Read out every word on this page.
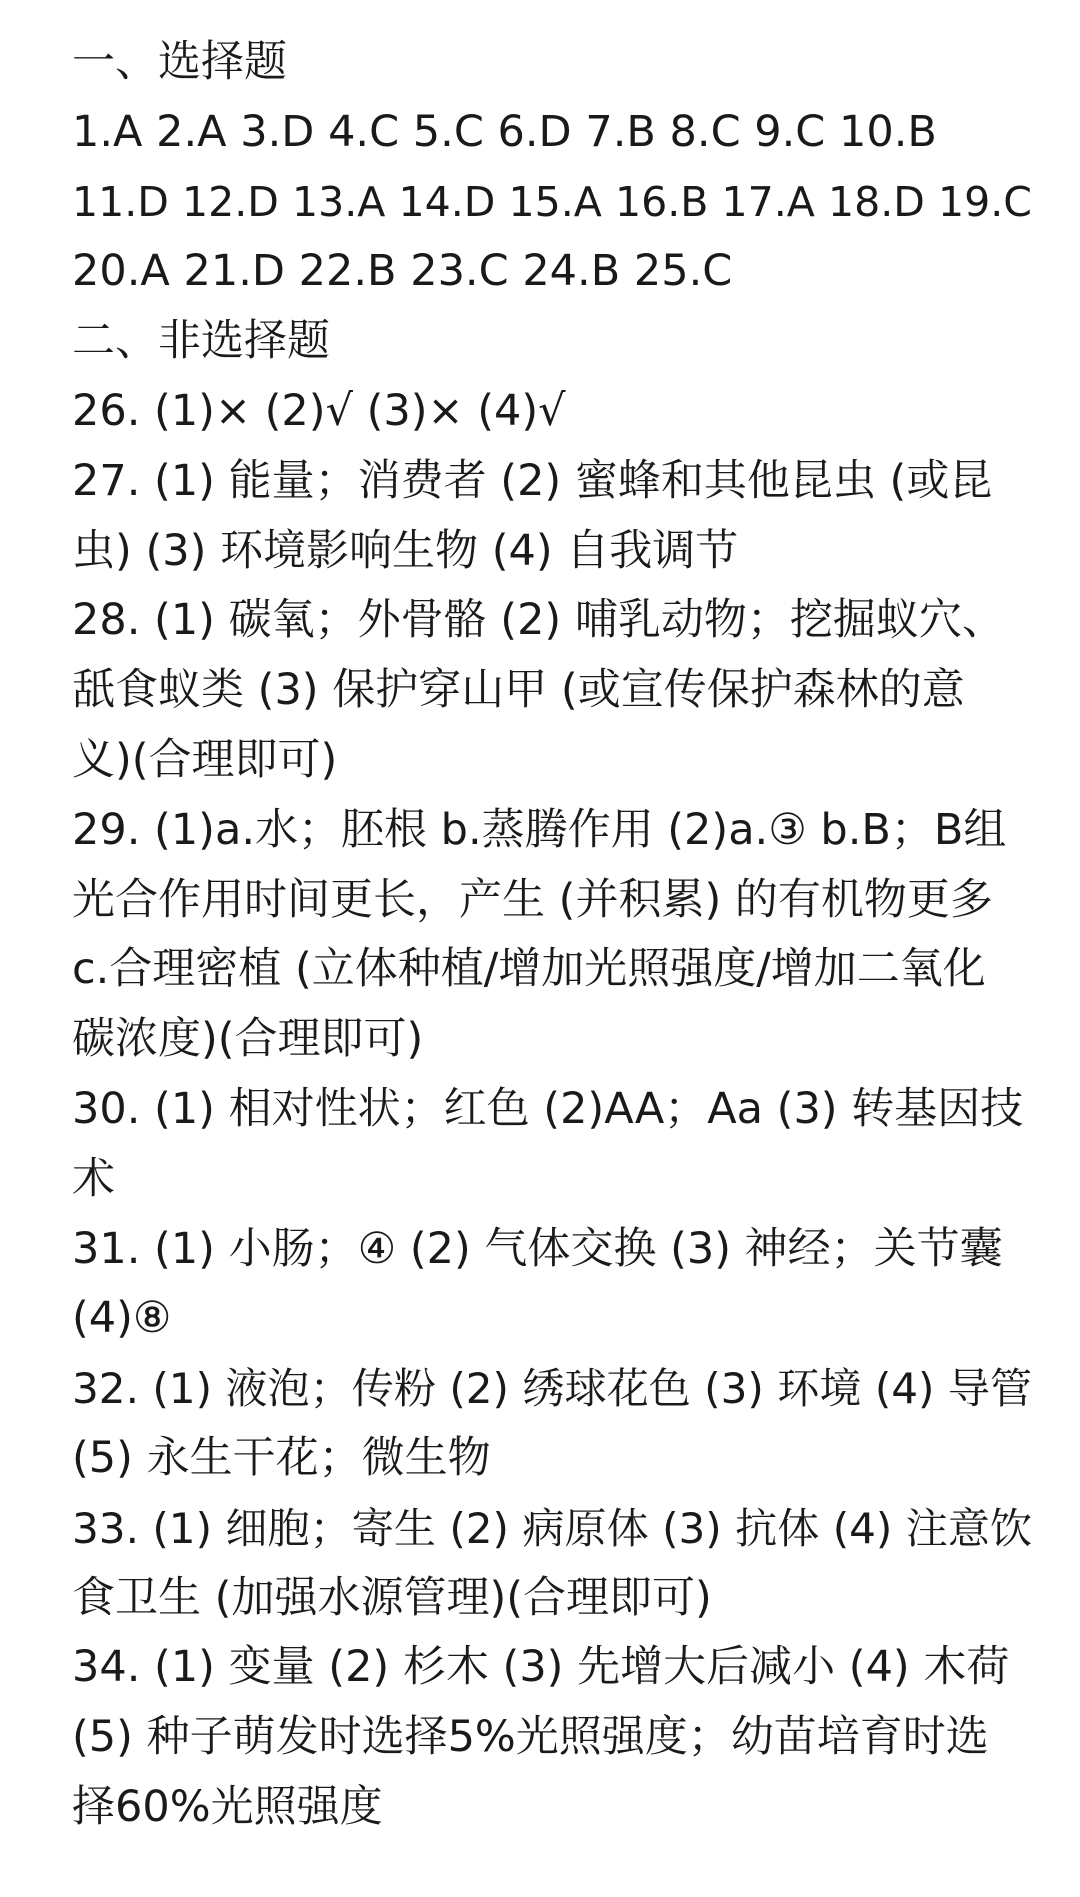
一、选择题
1.A 2.A 3.D 4.C 5.C 6.D 7.B 8.C 9.C 10.B
11.D 12.D 13.A 14.D 15.A 16.B 17.A 18.D 19.C
20.A 21.D 22.B 23.C 24.B 25.C
二、非选择题
26. (1)× (2)√ (3)× (4)√
27. (1) 能量；消费者 (2) 蜜蜂和其他昆虫 (或昆
虫) (3) 环境影响生物 (4) 自我调节
28. (1) 碳氧；外骨骼 (2) 哺乳动物；挖掘蚁穴、
舐食蚁类 (3) 保护穿山甲 (或宣传保护森林的意
义)(合理即可)
29. (1)a.水；胚根 b.蒸腾作用 (2)a.③ b.B；B组
光合作用时间更长，产生 (并积累) 的有机物更多
c.合理密植 (立体种植/增加光照强度/增加二氧化
碳浓度)(合理即可)
30. (1) 相对性状；红色 (2)AA；Aa (3) 转基因技
术
31. (1) 小肠；④ (2) 气体交换 (3) 神经；关节囊
(4)⑧
32. (1) 液泡；传粉 (2) 绣球花色 (3) 环境 (4) 导管
(5) 永生干花；微生物
33. (1) 细胞；寄生 (2) 病原体 (3) 抗体 (4) 注意饮
食卫生 (加强水源管理)(合理即可)
34. (1) 变量 (2) 杉木 (3) 先增大后减小 (4) 木荷
(5) 种子萌发时选择5%光照强度；幼苗培育时选
择60%光照强度
